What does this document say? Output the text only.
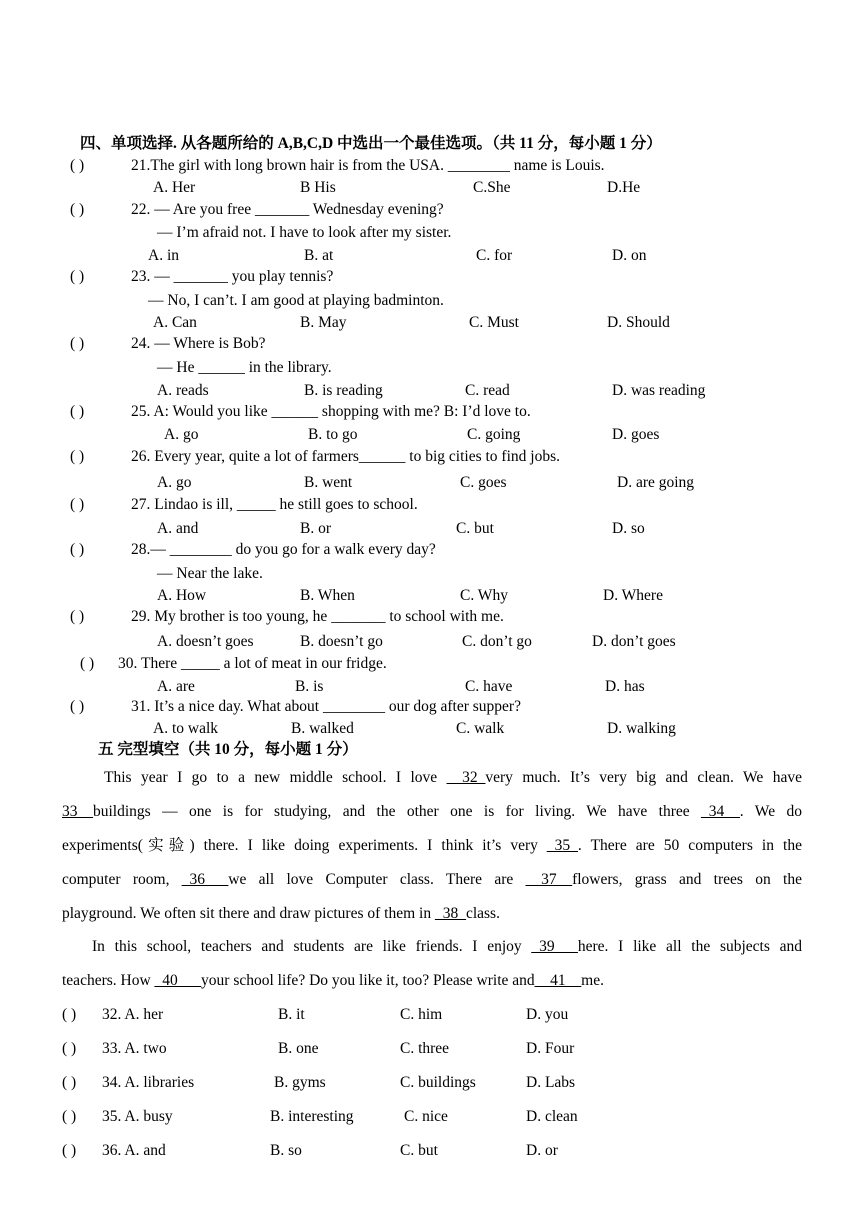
四、单项选择. 从各题所给的 A,B,C,D 中选出一个最佳选项。（共 11 分，每小题 1 分）
( )	21.The girl with long brown hair is from the USA. ________ name is Louis.
A. Her	B His	C.She	D.He
( )	22. — Are you free _______ Wednesday evening?
— I’m afraid not. I have to look after my sister.
A. in	B. at	C. for	D. on
( )	23. — _______ you play tennis?
— No, I can’t. I am good at playing badminton.
A. Can	B. May	C. Must	D. Should
( )	24. — Where is Bob?
— He ______ in the library.
A. reads	B. is reading	C. read	D. was reading
( )	25. A: Would you like ______ shopping with me? B: I’d love to.
A. go	B. to go	C. going	D. goes
( )	26. Every year, quite a lot of farmers______ to big cities to find jobs.
A. go	B. went	C. goes	D. are going
( )	27. Lindao is ill, _____ he still goes to school.
A. and	B. or	C. but	D. so
( )	28.— ________ do you go for a walk every day?
— Near the lake.
A. How	B. When	C. Why	D. Where
( )	29. My brother is too young, he _______ to school with me.
A. doesn’t goes	B. doesn’t go	C. don’t go	D. don’t goes
( ) 30. There _____ a lot of meat in our fridge.
A. are	B. is	C. have	D. has
( )	31. It’s a nice day. What about ________ our dog after supper?
A. to walk	B. walked	C. walk	D. walking
五 完型填空（共 10 分，每小题 1 分）
This year I go to a new middle school. I love __32_very much. It’s very big and clean. We have
33__buildings — one is for studying, and the other one is for living. We have three _34__. We do
experiments(实验) there. I like doing experiments. I think it’s very _35_. There are 50 computers in the
computer room, _36___we all love Computer class. There are __37__flowers, grass and trees on the
playground. We often sit there and draw pictures of them in _38_class.
In this school, teachers and students are like friends. I enjoy _39___here. I like all the subjects and
teachers. How _40___your school life? Do you like it, too? Please write and__41__me.
( ) 32. A. her	B. it	C. him	D. you
( ) 33. A. two	B. one	C. three	D. Four
( ) 34. A. libraries	B. gyms	C. buildings	D. Labs
( ) 35. A. busy	B. interesting	C. nice	D. clean
( ) 36. A. and	B. so	C. but	D. or
